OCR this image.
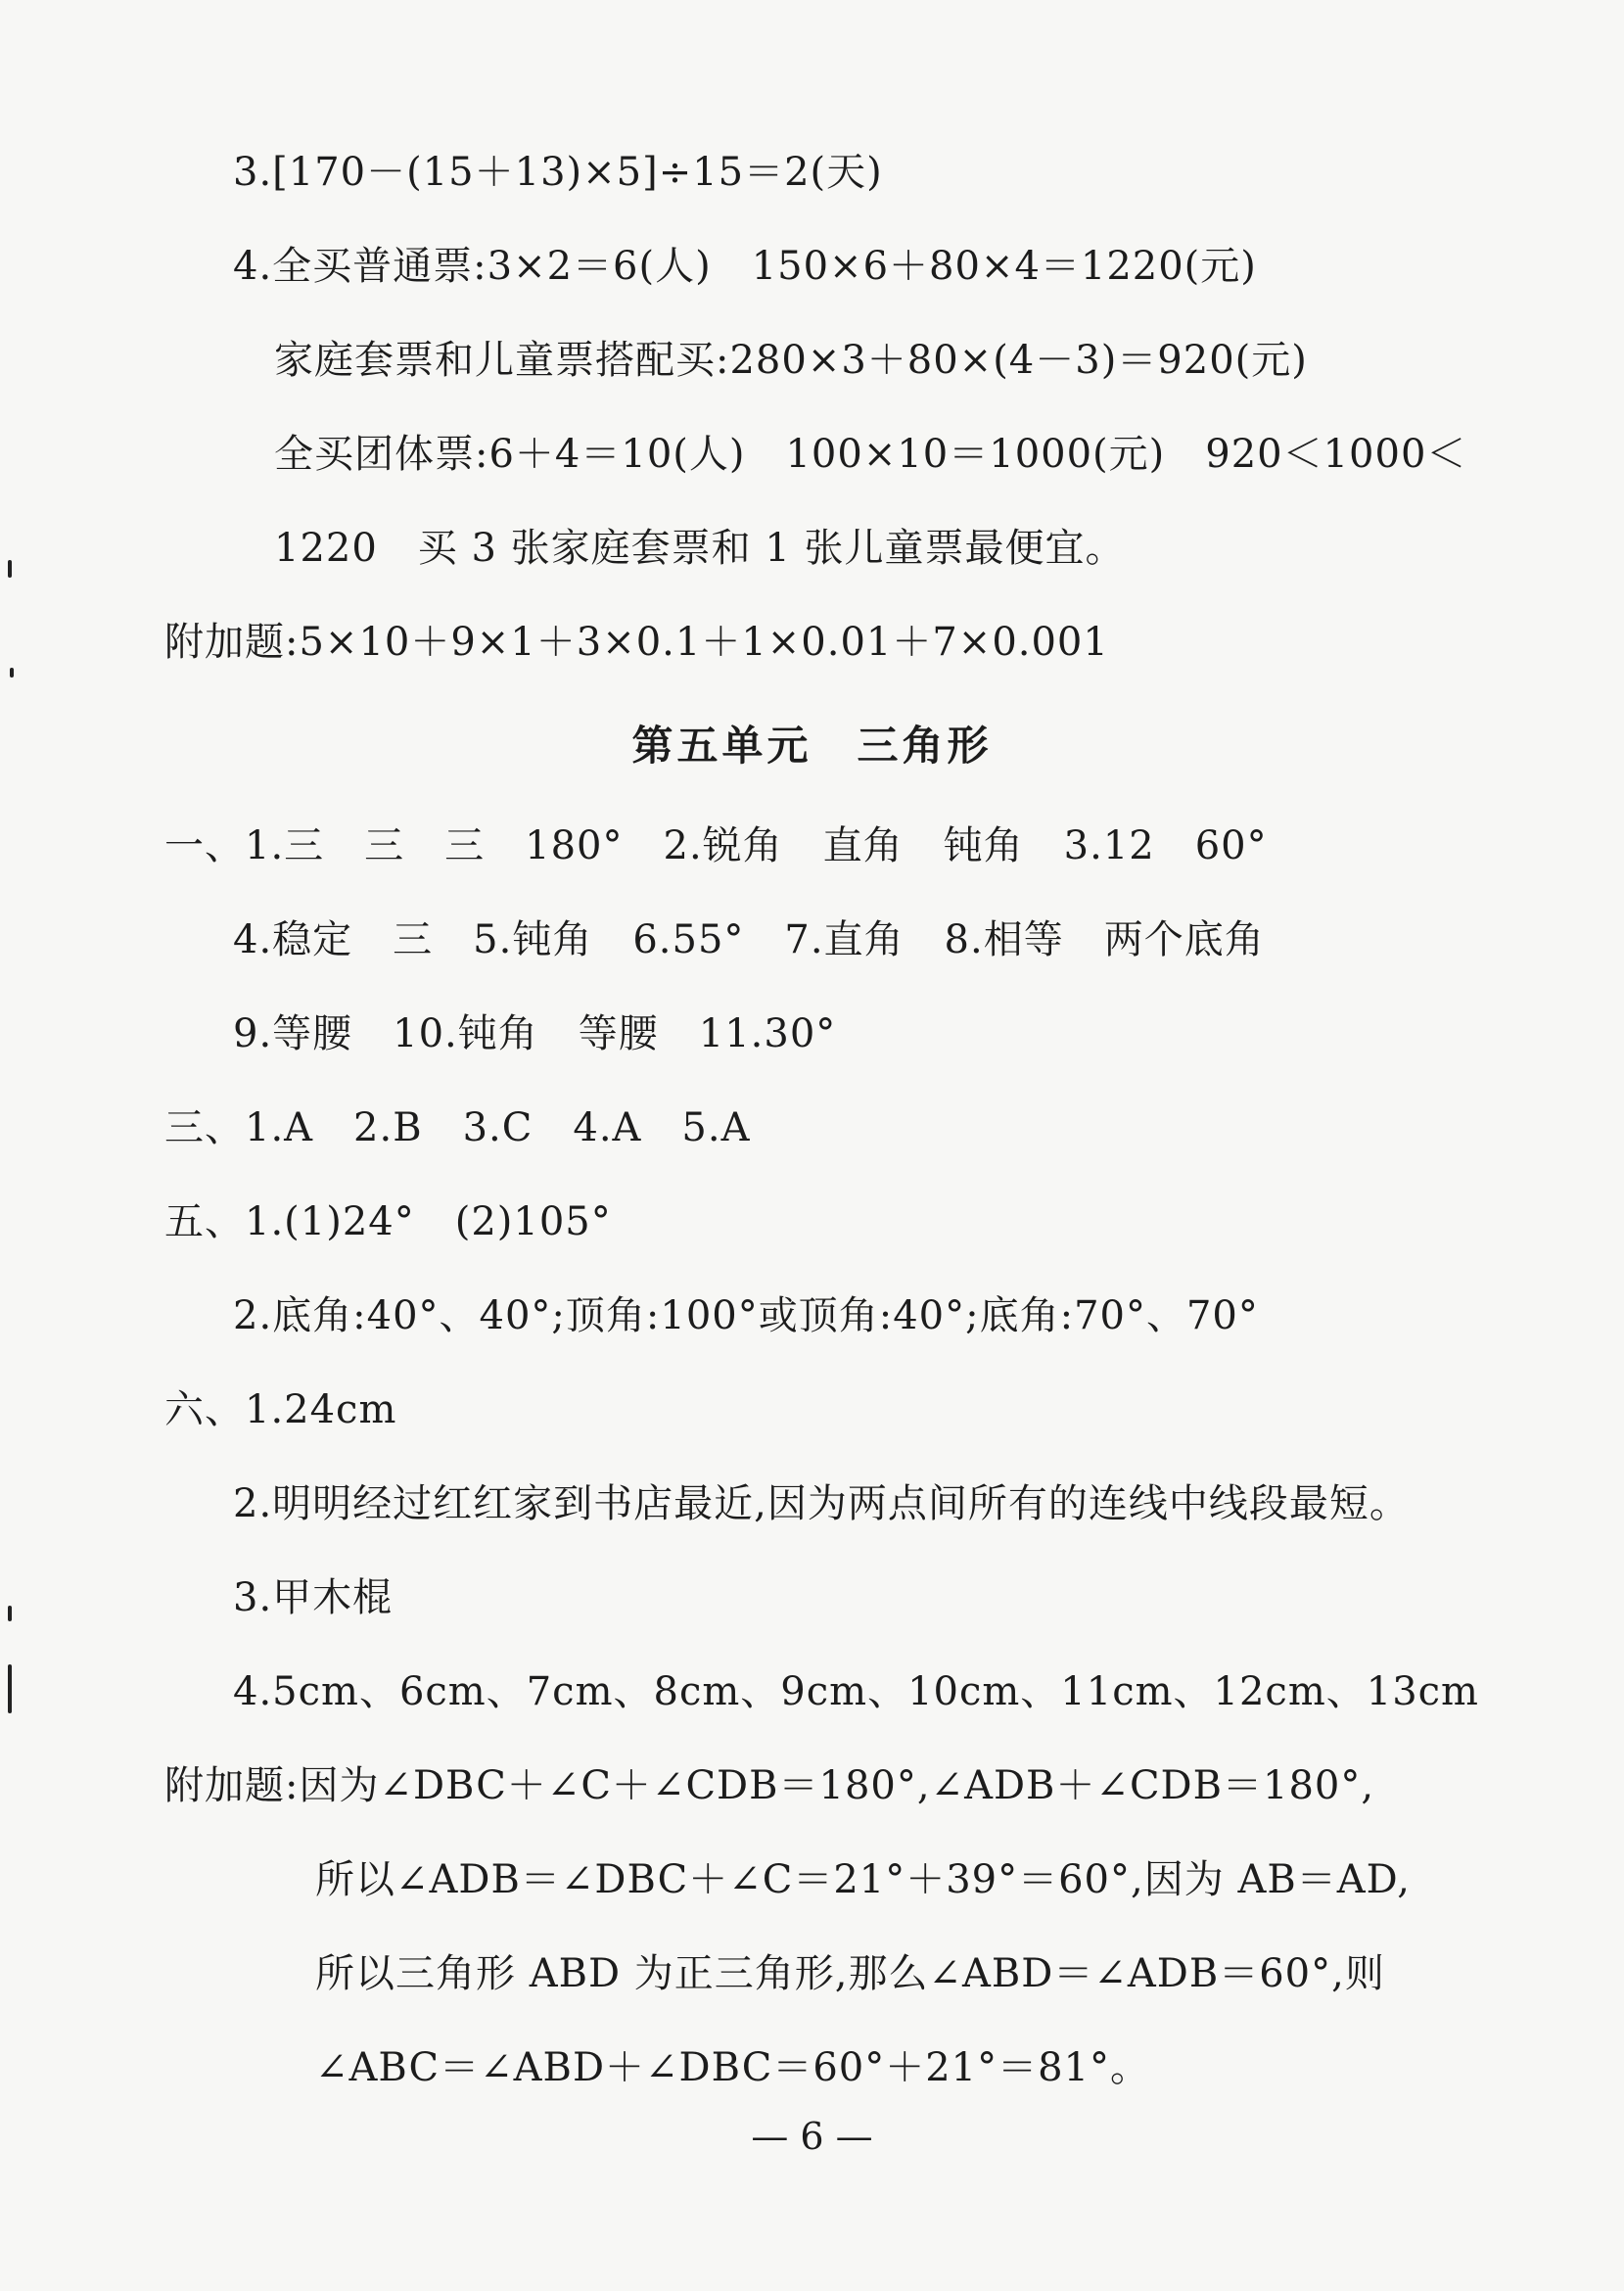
3.[170－(15＋13)×5]÷15＝2(天)
4.全买普通票:3×2＝6(人)　150×6＋80×4＝1220(元)
家庭套票和儿童票搭配买:280×3＋80×(4－3)＝920(元)
全买团体票:6＋4＝10(人)　100×10＝1000(元)　920＜1000＜
1220　买 3 张家庭套票和 1 张儿童票最便宜。
附加题:5×10＋9×1＋3×0.1＋1×0.01＋7×0.001
第五单元　三角形
一、1.三　三　三　180°　2.锐角　直角　钝角　3.12　60°
4.稳定　三　5.钝角　6.55°　7.直角　8.相等　两个底角
9.等腰　10.钝角　等腰　11.30°
三、1.A　2.B　3.C　4.A　5.A
五、1.(1)24°　(2)105°
2.底角:40°、40°;顶角:100°或顶角:40°;底角:70°、70°
六、1.24cm
2.明明经过红红家到书店最近,因为两点间所有的连线中线段最短。
3.甲木棍
4.5cm、6cm、7cm、8cm、9cm、10cm、11cm、12cm、13cm
附加题:因为∠DBC＋∠C＋∠CDB＝180°,∠ADB＋∠CDB＝180°,
所以∠ADB＝∠DBC＋∠C＝21°＋39°＝60°,因为 AB＝AD,
所以三角形 ABD 为正三角形,那么∠ABD＝∠ADB＝60°,则
∠ABC＝∠ABD＋∠DBC＝60°＋21°＝81°。
— 6 —
